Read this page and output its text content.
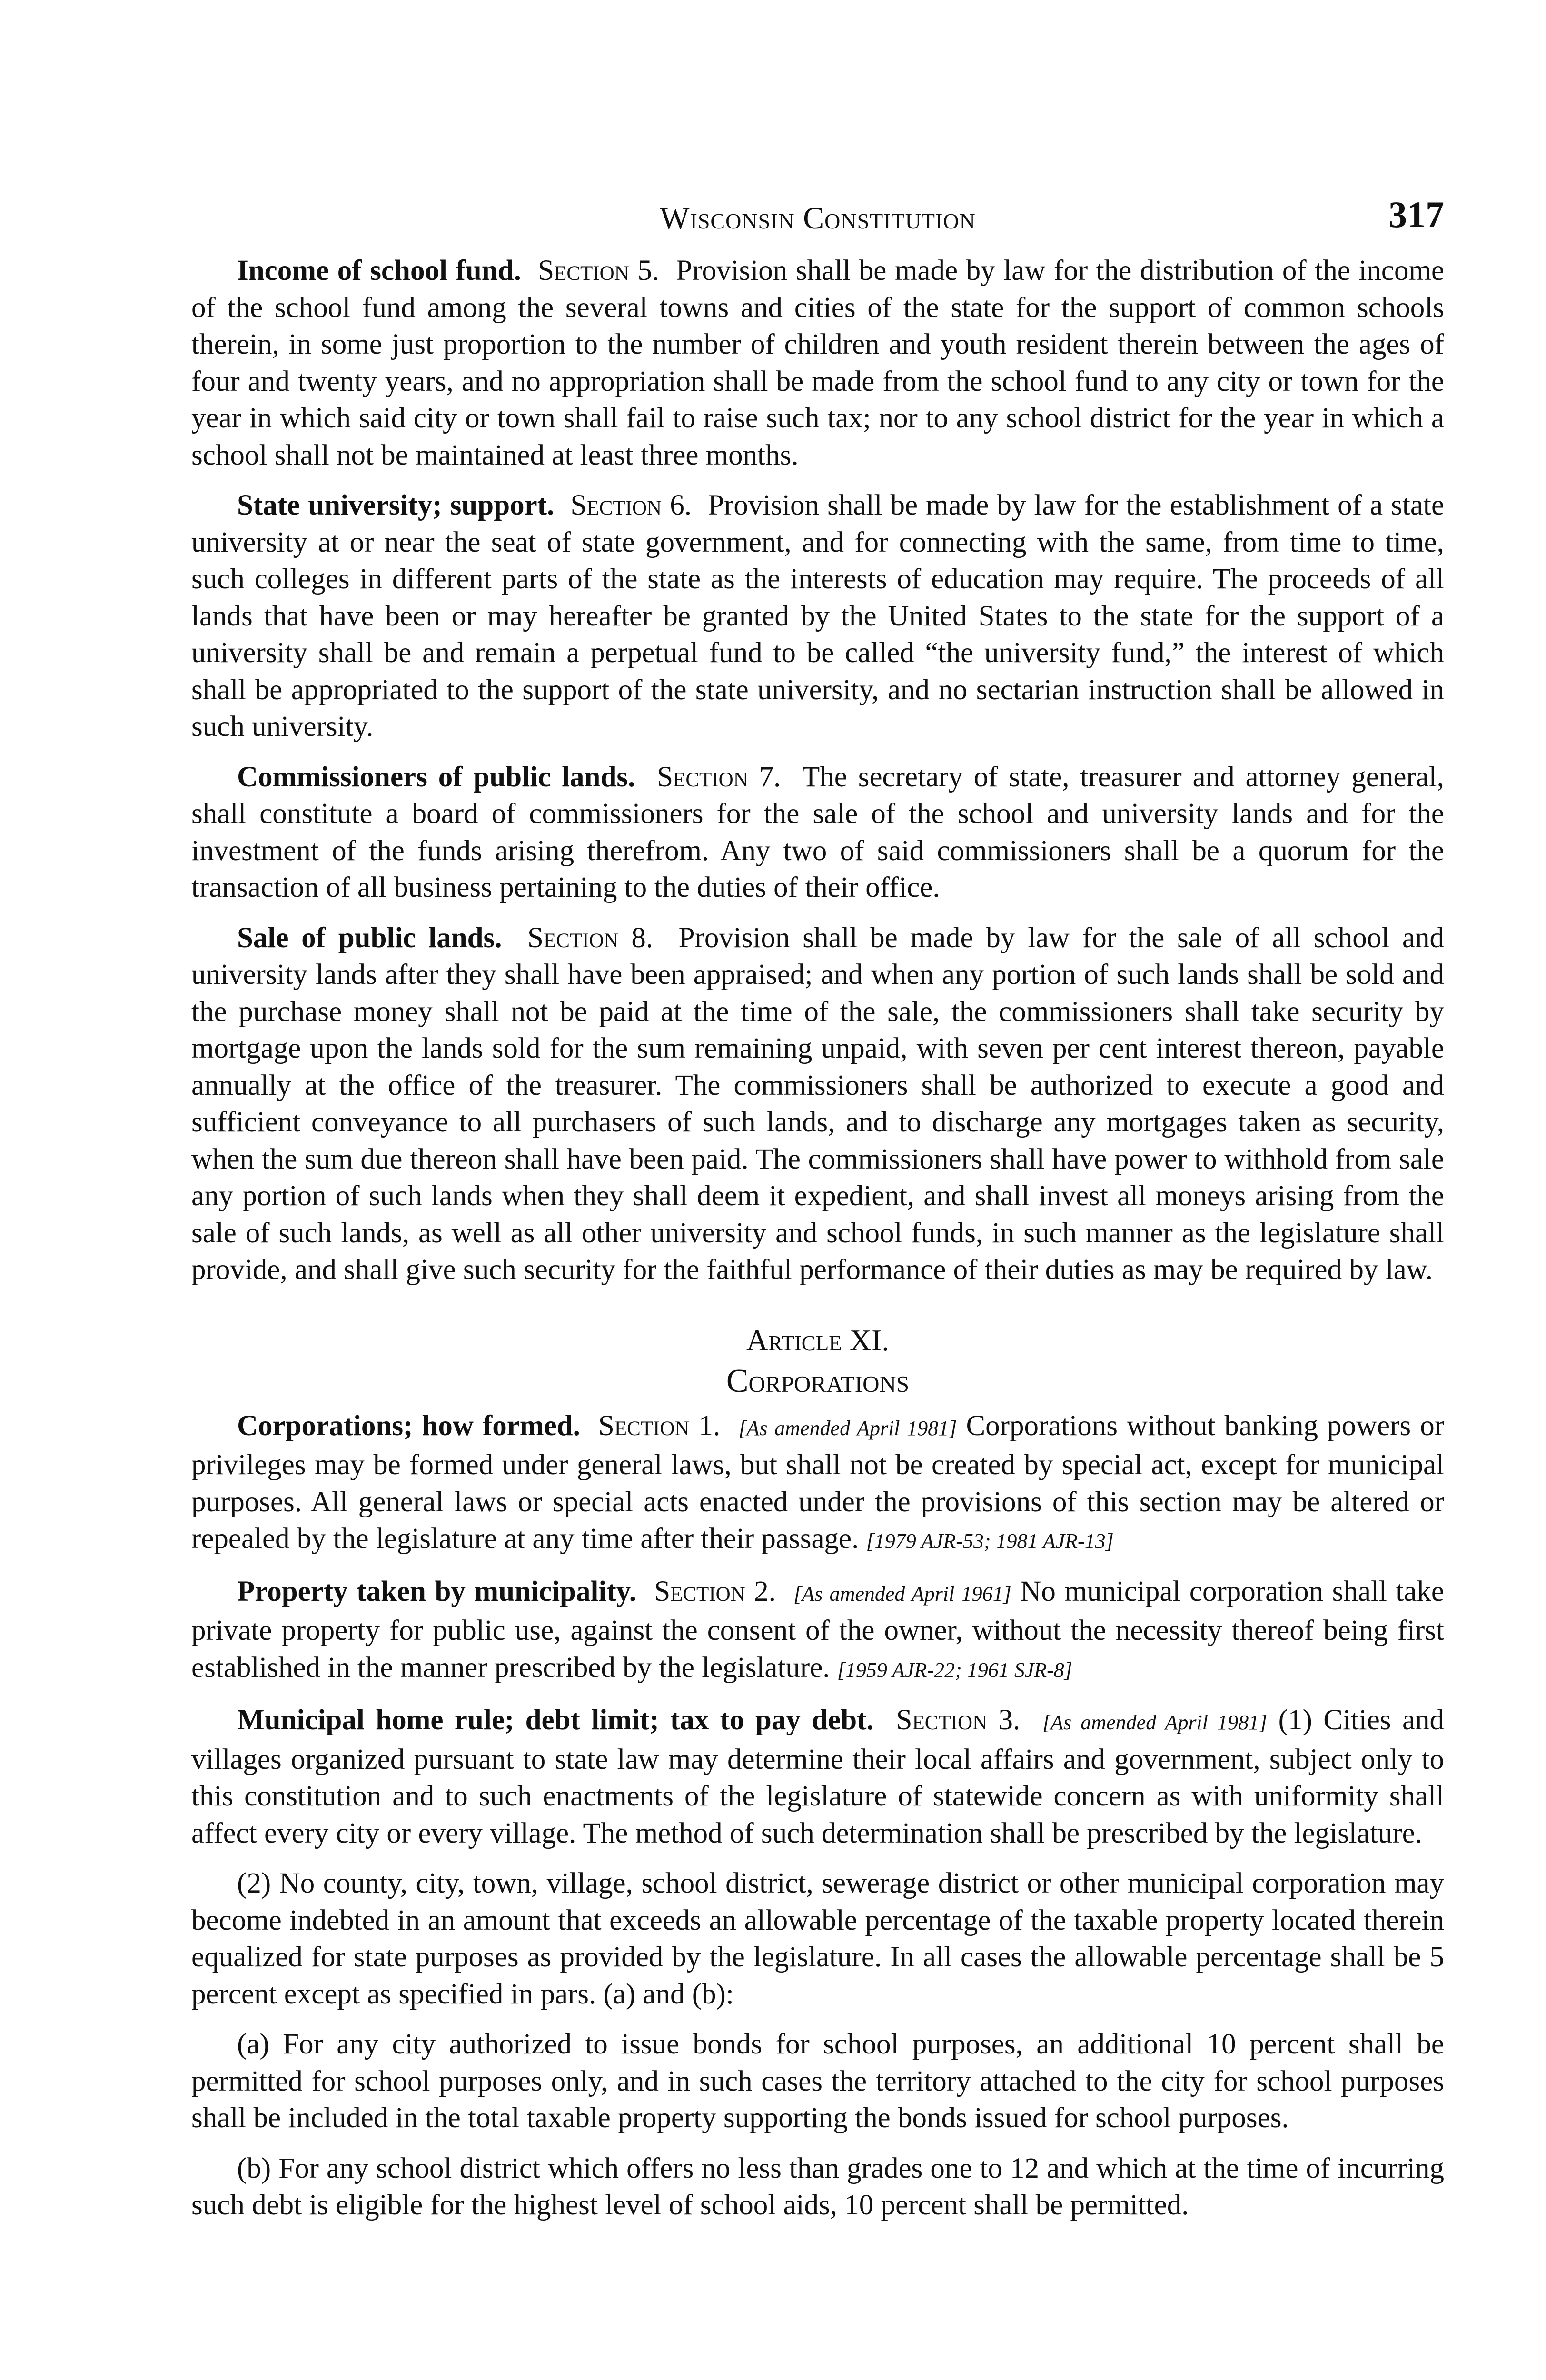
Wisconsin Constitution	317

Income of school fund. Section 5. Provision shall be made by law for the distribution of the income of the school fund among the several towns and cities of the state for the support of common schools therein, in some just proportion to the number of children and youth resident therein between the ages of four and twenty years, and no appropriation shall be made from the school fund to any city or town for the year in which said city or town shall fail to raise such tax; nor to any school district for the year in which a school shall not be maintained at least three months.

State university; support. Section 6. Provision shall be made by law for the establishment of a state university at or near the seat of state government, and for connecting with the same, from time to time, such colleges in different parts of the state as the interests of education may require. The proceeds of all lands that have been or may hereafter be granted by the United States to the state for the support of a university shall be and remain a perpetual fund to be called “the university fund,” the interest of which shall be appropriated to the support of the state university, and no sectarian instruction shall be allowed in such university.

Commissioners of public lands. Section 7. The secretary of state, treasurer and attorney general, shall constitute a board of commissioners for the sale of the school and university lands and for the investment of the funds arising therefrom. Any two of said commissioners shall be a quorum for the transaction of all business pertaining to the duties of their office.

Sale of public lands. Section 8. Provision shall be made by law for the sale of all school and university lands after they shall have been appraised; and when any portion of such lands shall be sold and the purchase money shall not be paid at the time of the sale, the commissioners shall take security by mortgage upon the lands sold for the sum remaining unpaid, with seven per cent interest thereon, payable annually at the office of the treasurer. The commissioners shall be authorized to execute a good and sufficient conveyance to all purchasers of such lands, and to discharge any mortgages taken as security, when the sum due thereon shall have been paid. The commissioners shall have power to withhold from sale any portion of such lands when they shall deem it expedient, and shall invest all moneys arising from the sale of such lands, as well as all other university and school funds, in such manner as the legislature shall provide, and shall give such security for the faithful performance of their duties as may be required by law.

Article XI.
Corporations

Corporations; how formed. Section 1. [As amended April 1981] Corporations without banking powers or privileges may be formed under general laws, but shall not be created by special act, except for municipal purposes. All general laws or special acts enacted under the provisions of this section may be altered or repealed by the legislature at any time after their passage. [1979 AJR-53; 1981 AJR-13]

Property taken by municipality. Section 2. [As amended April 1961] No municipal corporation shall take private property for public use, against the consent of the owner, without the necessity thereof being first established in the manner prescribed by the legislature. [1959 AJR-22; 1961 SJR-8]

Municipal home rule; debt limit; tax to pay debt. Section 3. [As amended April 1981] (1) Cities and villages organized pursuant to state law may determine their local affairs and government, subject only to this constitution and to such enactments of the legislature of statewide concern as with uniformity shall affect every city or every village. The method of such determination shall be prescribed by the legislature.

(2) No county, city, town, village, school district, sewerage district or other municipal corporation may become indebted in an amount that exceeds an allowable percentage of the taxable property located therein equalized for state purposes as provided by the legislature. In all cases the allowable percentage shall be 5 percent except as specified in pars. (a) and (b):

(a) For any city authorized to issue bonds for school purposes, an additional 10 percent shall be permitted for school purposes only, and in such cases the territory attached to the city for school purposes shall be included in the total taxable property supporting the bonds issued for school purposes.

(b) For any school district which offers no less than grades one to 12 and which at the time of incurring such debt is eligible for the highest level of school aids, 10 percent shall be permitted.
